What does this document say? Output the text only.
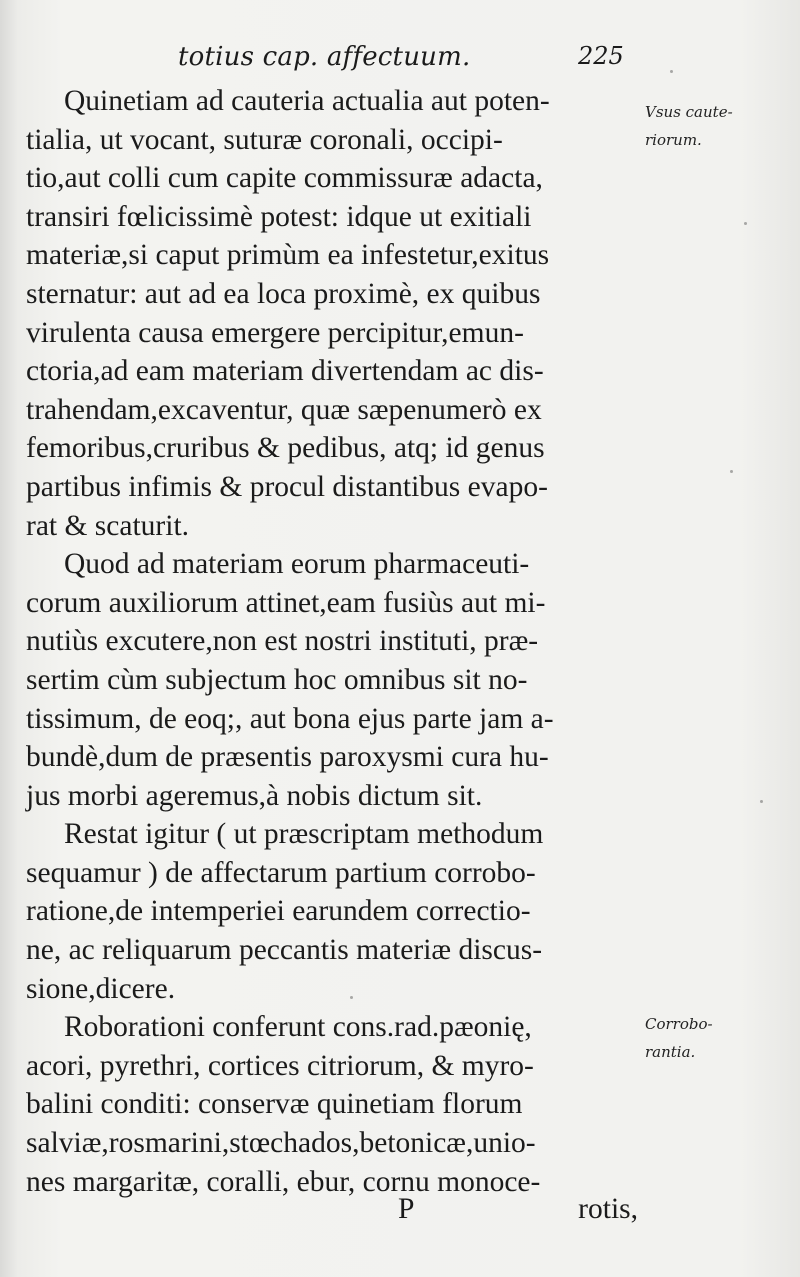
totius cap. affectuum.	225
Quinetiam ad cauteria actualia aut poten-
tialia, ut vocant, suturæ coronali, occipi-
tio,aut colli cum capite commissuræ adacta,
transiri fœlicissimè potest: idque ut exitiali
materiæ,si caput primùm ea infestetur,exitus
sternatur: aut ad ea loca proximè, ex quibus
virulenta causa emergere percipitur,emun-
ctoria,ad eam materiam divertendam ac dis-
trahendam,excaventur, quæ sæpenumerò ex
femoribus,cruribus & pedibus, atq; id genus
partibus infimis & procul distantibus evapo-
rat & scaturit.
Quod ad materiam eorum pharmaceuti-
corum auxiliorum attinet,eam fusiùs aut mi-
nutiùs excutere,non est nostri instituti, præ-
sertim cùm subjectum hoc omnibus sit no-
tissimum, de eoq;, aut bona ejus parte jam a-
bundè,dum de præsentis paroxysmi cura hu-
jus morbi ageremus,à nobis dictum sit.
Restat igitur ( ut præscriptam methodum
sequamur ) de affectarum partium corrobo-
ratione,de intemperiei earundem correctio-
ne, ac reliquarum peccantis materiæ discus-
sione,dicere.
Roborationi conferunt cons.rad.pæonię,
acori, pyrethri, cortices citriorum, & myro-
balini conditi: conservæ quinetiam florum
salviæ,rosmarini,stœchados,betonicæ,unio-
nes margaritæ, coralli, ebur, cornu monoce-
Vsus caute-
riorum.
Corrobo-
rantia.
P	rotis,
